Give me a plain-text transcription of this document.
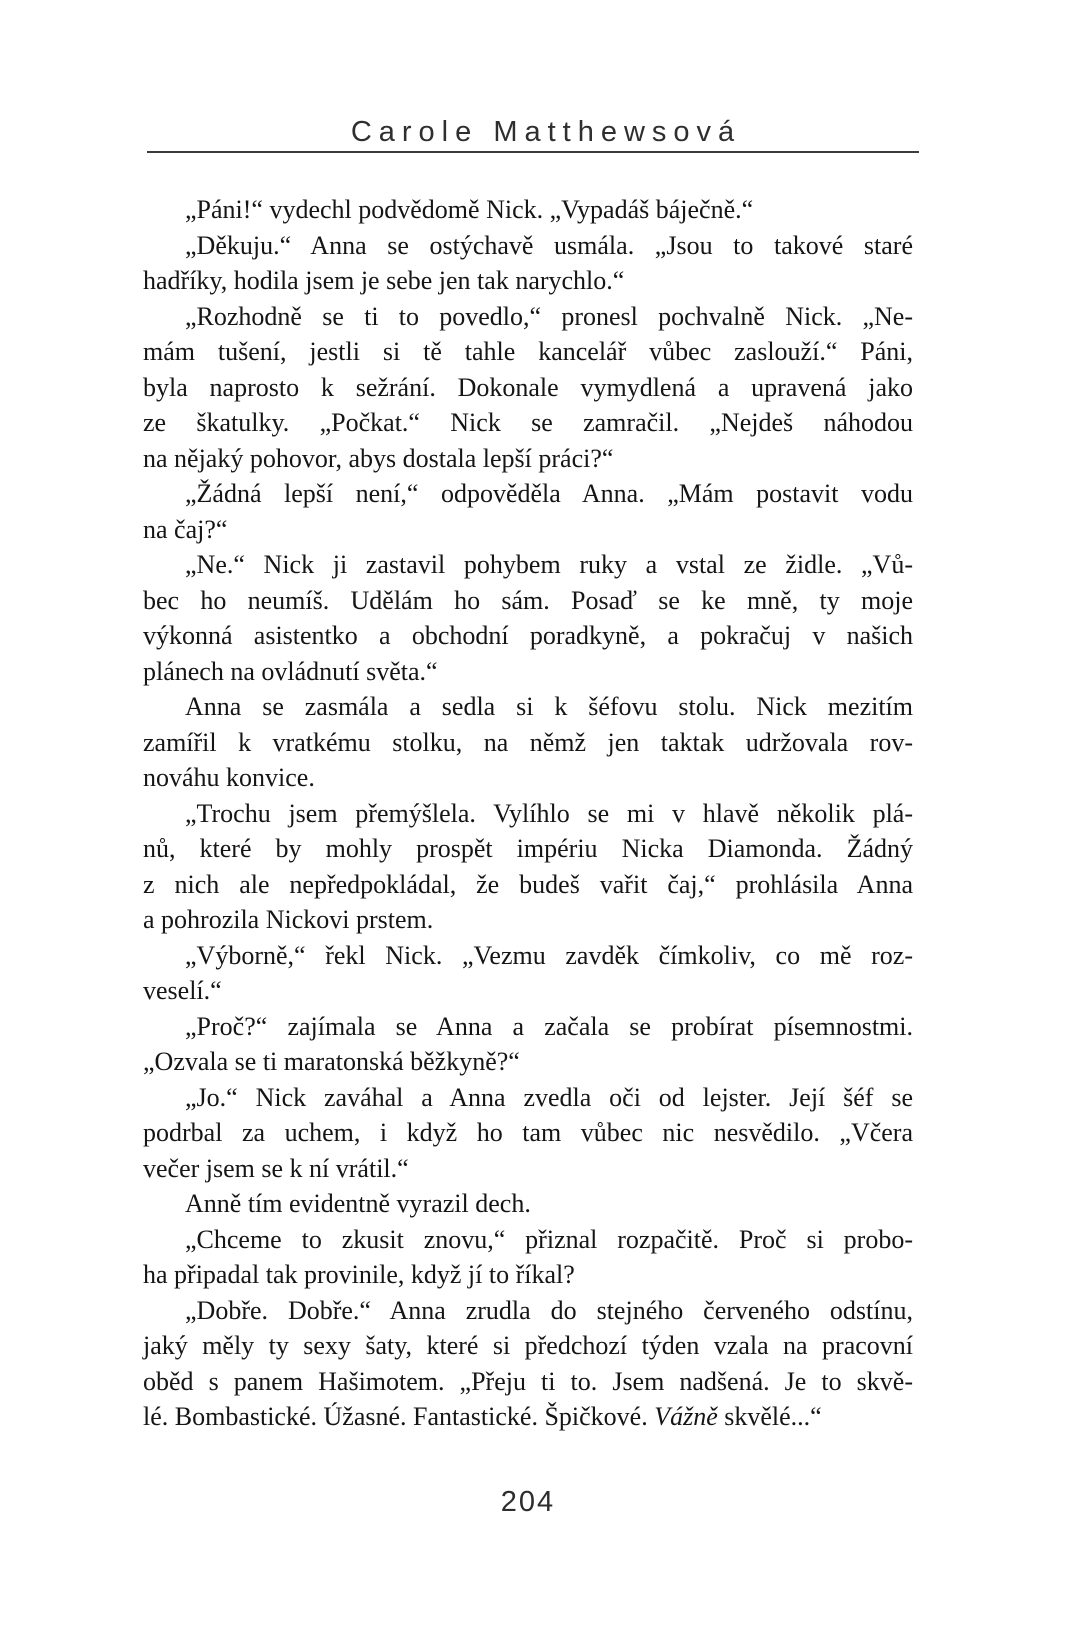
Carole Matthewsová
„Páni!“ vydechl podvědomě Nick. „Vypadáš báječně.“
„Děkuju.“ Anna se ostýchavě usmála. „Jsou to takové staré
hadříky, hodila jsem je sebe jen tak narychlo.“
„Rozhodně se ti to povedlo,“ pronesl pochvalně Nick. „Ne-
mám tušení, jestli si tě tahle kancelář vůbec zaslouží.“ Páni,
byla naprosto k sežrání. Dokonale vymydlená a upravená jako
ze škatulky. „Počkat.“ Nick se zamračil. „Nejdeš náhodou
na nějaký pohovor, abys dostala lepší práci?“
„Žádná lepší není,“ odpověděla Anna. „Mám postavit vodu
na čaj?“
„Ne.“ Nick ji zastavil pohybem ruky a vstal ze židle. „Vů-
bec ho neumíš. Udělám ho sám. Posaď se ke mně, ty moje
výkonná asistentko a obchodní poradkyně, a pokračuj v našich
plánech na ovládnutí světa.“
Anna se zasmála a sedla si k šéfovu stolu. Nick mezitím
zamířil k vratkému stolku, na němž jen taktak udržovala rov-
nováhu konvice.
„Trochu jsem přemýšlela. Vylíhlo se mi v hlavě několik plá-
nů, které by mohly prospět impériu Nicka Diamonda. Žádný
z nich ale nepředpokládal, že budeš vařit čaj,“ prohlásila Anna
a pohrozila Nickovi prstem.
„Výborně,“ řekl Nick. „Vezmu zavděk čímkoliv, co mě roz-
veselí.“
„Proč?“ zajímala se Anna a začala se probírat písemnostmi.
„Ozvala se ti maratonská běžkyně?“
„Jo.“ Nick zaváhal a Anna zvedla oči od lejster. Její šéf se
podrbal za uchem, i když ho tam vůbec nic nesvědilo. „Včera
večer jsem se k ní vrátil.“
Anně tím evidentně vyrazil dech.
„Chceme to zkusit znovu,“ přiznal rozpačitě. Proč si probo-
ha připadal tak provinile, když jí to říkal?
„Dobře. Dobře.“ Anna zrudla do stejného červeného odstínu,
jaký měly ty sexy šaty, které si předchozí týden vzala na pracovní
oběd s panem Hašimotem. „Přeju ti to. Jsem nadšená. Je to skvě-
lé. Bombastické. Úžasné. Fantastické. Špičkové. Vážně skvělé...“
204
